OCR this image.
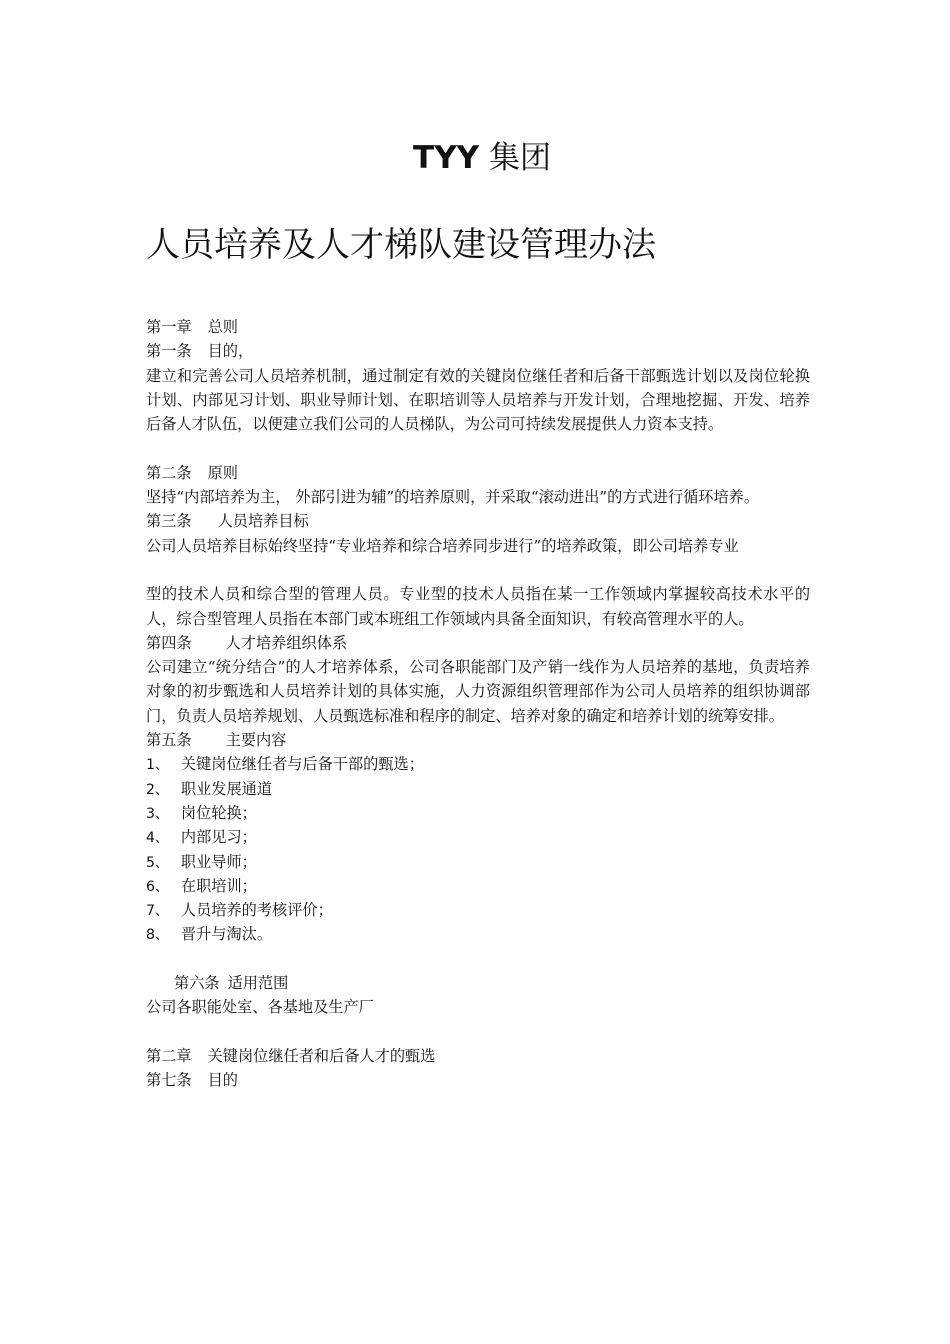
TYY 集团
人员培养及人才梯队建设管理办法
第一章 总则
第一条 目的，
建立和完善公司人员培养机制，通过制定有效的关键岗位继任者和后备干部甄选计划以及岗位轮换计划、内部见习计划、职业导师计划、在职培训等人员培养与开发计划，合理地挖掘、开发、培养后备人才队伍，以便建立我们公司的人员梯队，为公司可持续发展提供人力资本支持。
第二条 原则
坚持“内部培养为主， 外部引进为辅”的培养原则，并采取“滚动进出”的方式进行循环培养。
第三条 人员培养目标
公司人员培养目标始终坚持“专业培养和综合培养同步进行”的培养政策，即公司培养专业
型的技术人员和综合型的管理人员。专业型的技术人员指在某一工作领域内掌握较高技术水平的人，综合型管理人员指在本部门或本班组工作领域内具备全面知识，有较高管理水平的人。
第四条 人才培养组织体系
公司建立“统分结合”的人才培养体系，公司各职能部门及产销一线作为人员培养的基地，负责培养对象的初步甄选和人员培养计划的具体实施，人力资源组织管理部作为公司人员培养的组织协调部门，负责人员培养规划、人员甄选标准和程序的制定、培养对象的确定和培养计划的统筹安排。
第五条 主要内容
1、 关键岗位继任者与后备干部的甄选；
2、 职业发展通道
3、 岗位轮换；
4、 内部见习；
5、 职业导师；
6、 在职培训；
7、 人员培养的考核评价；
8、 晋升与淘汰。
第六条 适用范围
公司各职能处室、各基地及生产厂
第二章 关键岗位继任者和后备人才的甄选
第七条 目的
